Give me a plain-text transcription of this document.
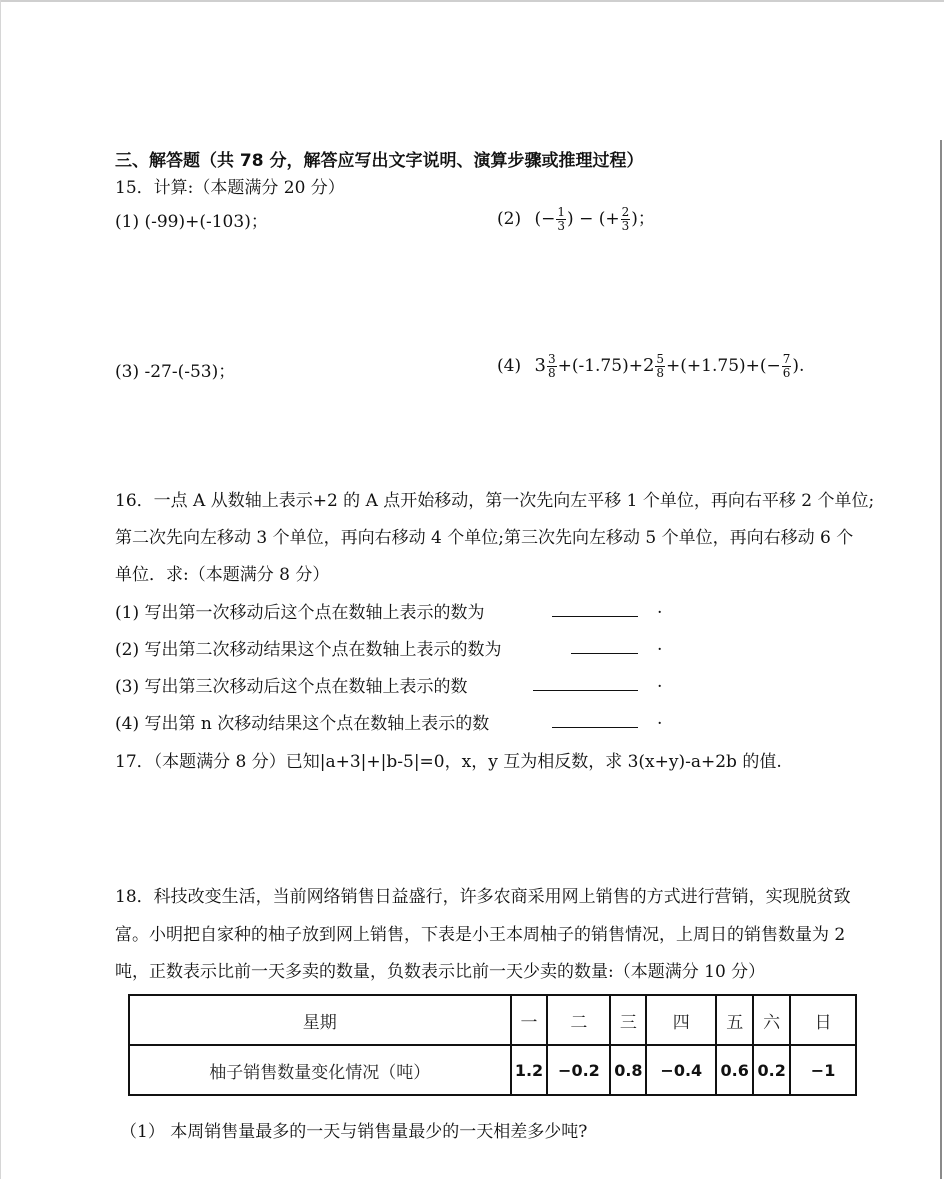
三、解答题（共 78 分，解答应写出文字说明、演算步骤或推理过程）
15．计算:（本题满分 20 分）
(1) (-99)+(-103)；	(2) (− $\frac{1}{3}$ ) − (+ $\frac{2}{3}$ )；
(3) -27-(-53)；	(4) $3 \frac{3}{8} +(-1.75)+2 \frac{5}{8} +(+1.75)+(- \frac{7}{6}$ ).
16．一点 A 从数轴上表示+2 的 A 点开始移动，第一次先向左平移 1 个单位，再向右平移 2 个单位;
第二次先向左移动 3 个单位，再向右移动 4 个单位;第三次先向左移动 5 个单位，再向右移动 6 个
单位．求:（本题满分 8 分）
(1) 写出第一次移动后这个点在数轴上表示的数为	.
(2) 写出第二次移动结果这个点在数轴上表示的数为	.
(3) 写出第三次移动后这个点在数轴上表示的数	.
(4) 写出第 n 次移动结果这个点在数轴上表示的数	.
17．（本题满分 8 分）已知|a+3|+|b-5|=0，x，y 互为相反数，求 3(x+y)-a+2b 的值.
18．科技改变生活，当前网络销售日益盛行，许多农商采用网上销售的方式进行营销，实现脱贫致
富。小明把自家种的柚子放到网上销售，下表是小王本周柚子的销售情况，上周日的销售数量为 2
吨，正数表示比前一天多卖的数量，负数表示比前一天少卖的数量:（本题满分 10 分）
星期	一	二	三	四	五	六	日
柚子销售数量变化情况（吨）	1.2	−0.2	0.8	−0.4	0.6	0.2	−1
（1） 本周销售量最多的一天与销售量最少的一天相差多少吨?
